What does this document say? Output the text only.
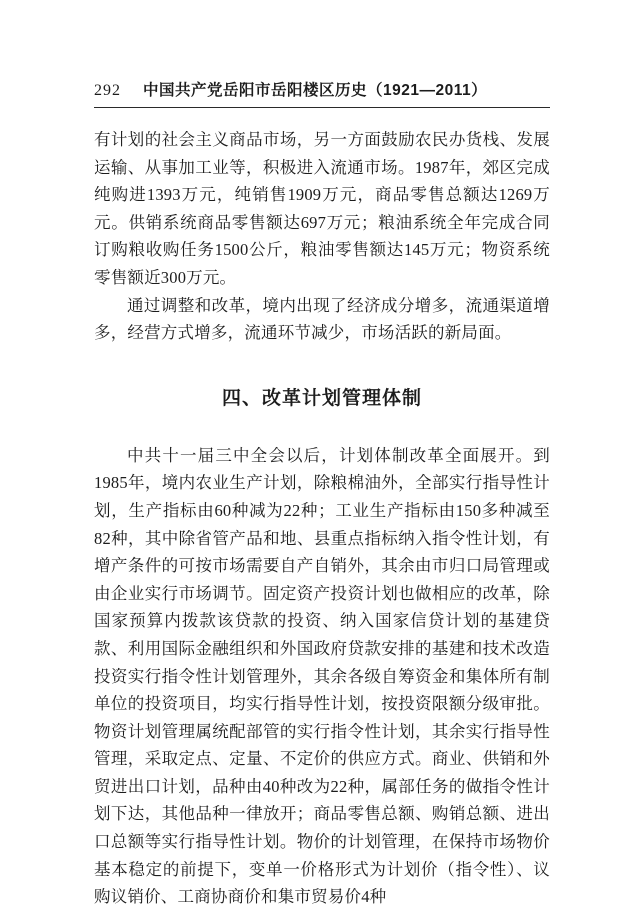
292 中国共产党岳阳市岳阳楼区历史（1921—2011）

有计划的社会主义商品市场，另一方面鼓励农民办货栈、发展运输、从事加工业等，积极进入流通市场。1987年，郊区完成纯购进1393万元，纯销售1909万元，商品零售总额达1269万元。供销系统商品零售额达697万元；粮油系统全年完成合同订购粮收购任务1500公斤，粮油零售额达145万元；物资系统零售额近300万元。

通过调整和改革，境内出现了经济成分增多，流通渠道增多，经营方式增多，流通环节减少，市场活跃的新局面。

四、改革计划管理体制

中共十一届三中全会以后，计划体制改革全面展开。到1985年，境内农业生产计划，除粮棉油外，全部实行指导性计划，生产指标由60种减为22种；工业生产指标由150多种减至82种，其中除省管产品和地、县重点指标纳入指令性计划，有增产条件的可按市场需要自产自销外，其余由市归口局管理或由企业实行市场调节。固定资产投资计划也做相应的改革，除国家预算内拨款该贷款的投资、纳入国家信贷计划的基建贷款、利用国际金融组织和外国政府贷款安排的基建和技术改造投资实行指令性计划管理外，其余各级自筹资金和集体所有制单位的投资项目，均实行指导性计划，按投资限额分级审批。物资计划管理属统配部管的实行指令性计划，其余实行指导性管理，采取定点、定量、不定价的供应方式。商业、供销和外贸进出口计划，品种由40种改为22种，属部任务的做指令性计划下达，其他品种一律放开；商品零售总额、购销总额、进出口总额等实行指导性计划。物价的计划管理，在保持市场物价基本稳定的前提下，变单一价格形式为计划价（指令性）、议购议销价、工商协商价和集市贸易价4种
